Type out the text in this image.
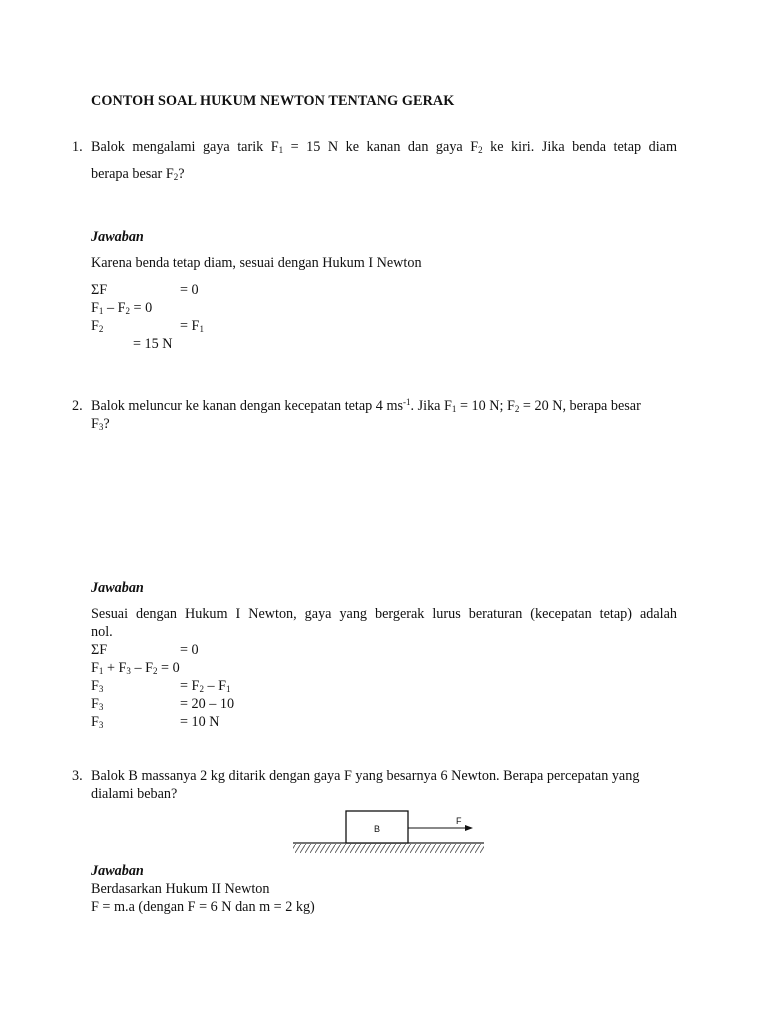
CONTOH SOAL HUKUM NEWTON TENTANG GERAK
1. Balok mengalami gaya tarik $F_1 = 15$ N ke kanan dan gaya $F_2$ ke kiri. Jika benda tetap diam
berapa besar $F_2$?
Jawaban
Karena benda tetap diam, sesuai dengan Hukum I Newton
ΣF	= 0
$F_1 - F_2 = 0$
$F_2$	= $F_1$
= 15 N
2. Balok meluncur ke kanan dengan kecepatan tetap 4 $ms^{-1}$. Jika $F_1 = 10$ N; $F_2 = 20$ N, berapa besar
$F_3$?
Jawaban
Sesuai dengan Hukum I Newton, gaya yang bergerak lurus beraturan (kecepatan tetap) adalah
nol.
ΣF	= 0
$F_1 + F_3 - F_2 = 0$
$F_3$	= $F_2 - F_1$
$F_3$	= 20 – 10
$F_3$	= 10 N
3. Balok B massanya 2 kg ditarik dengan gaya F yang besarnya 6 Newton. Berapa percepatan yang
dialami beban?
B
F
Jawaban
Berdasarkan Hukum II Newton
F = m.a (dengan F = 6 N dan m = 2 kg)
